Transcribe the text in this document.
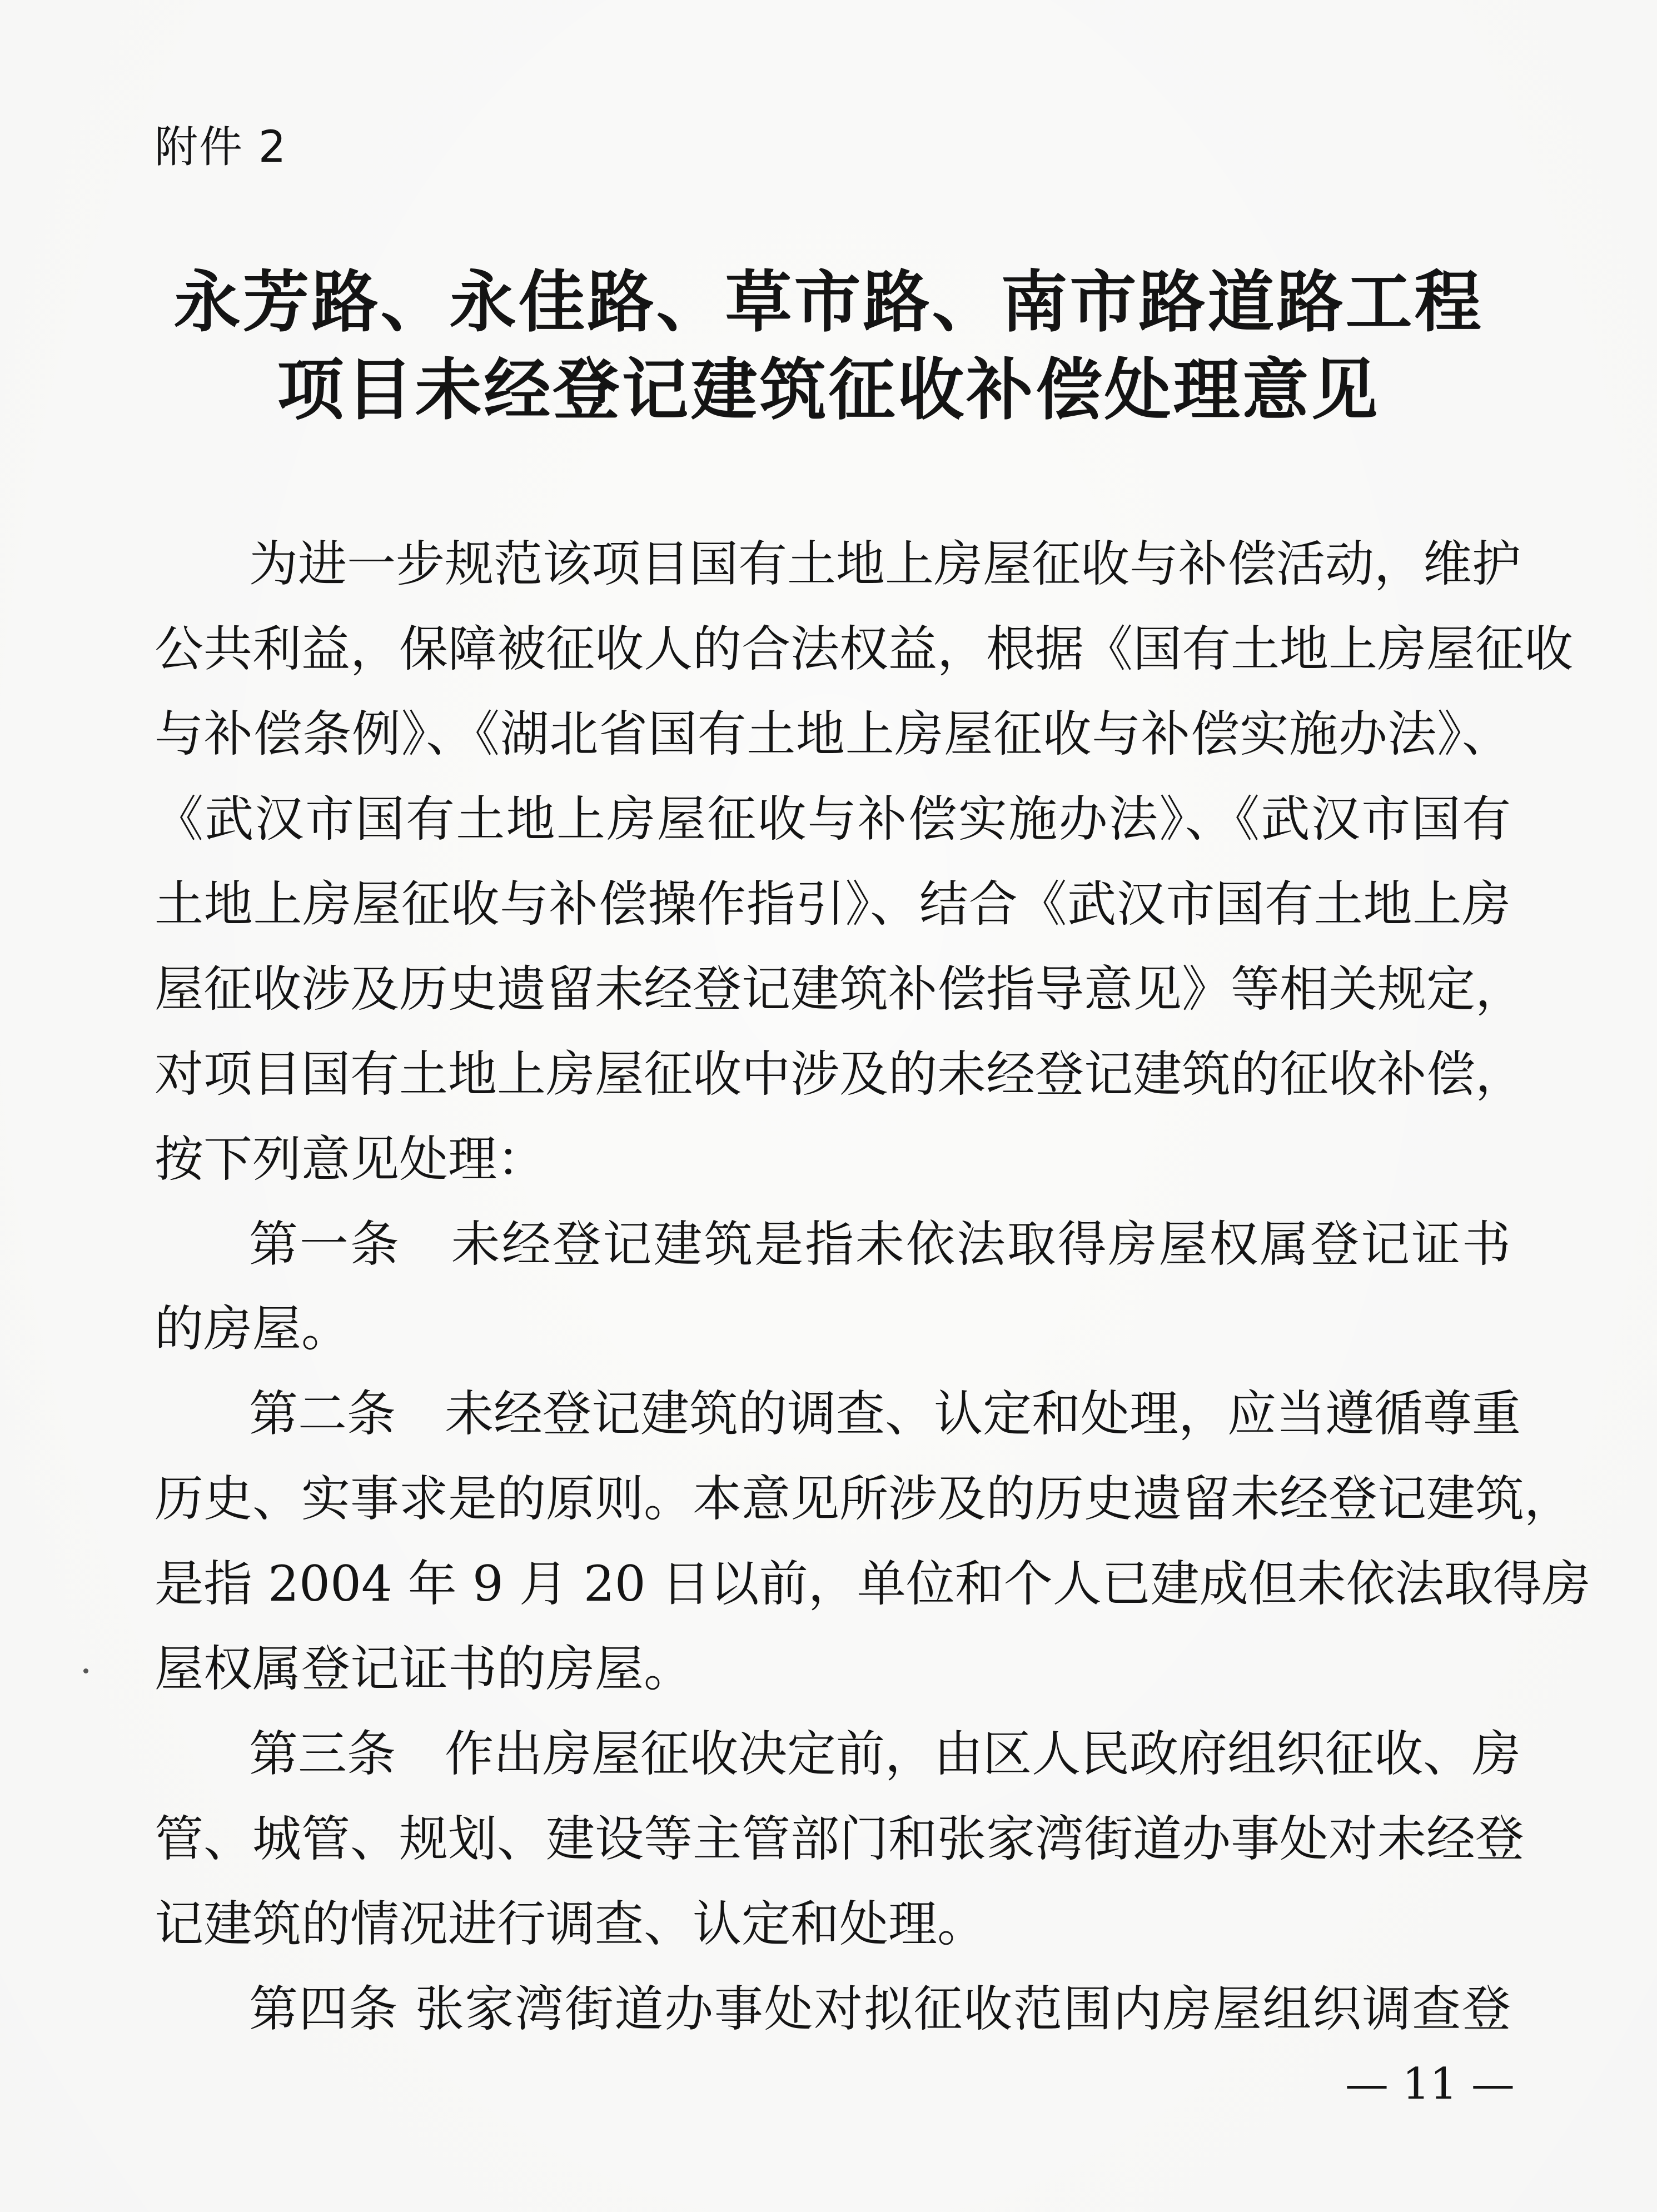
附件 2
永芳路、永佳路、草市路、南市路道路工程
项目未经登记建筑征收补偿处理意见
为进一步规范该项目国有土地上房屋征收与补偿活动，维护
公共利益，保障被征收人的合法权益，根据《国有土地上房屋征收
与补偿条例》、《湖北省国有土地上房屋征收与补偿实施办法》、
《武汉市国有土地上房屋征收与补偿实施办法》、《武汉市国有
土地上房屋征收与补偿操作指引》、结合《武汉市国有土地上房
屋征收涉及历史遗留未经登记建筑补偿指导意见》等相关规定，
对项目国有土地上房屋征收中涉及的未经登记建筑的征收补偿，
按下列意见处理：
第一条　未经登记建筑是指未依法取得房屋权属登记证书
的房屋。
第二条　未经登记建筑的调查、认定和处理，应当遵循尊重
历史、实事求是的原则。本意见所涉及的历史遗留未经登记建筑，
是指 2004 年 9 月 20 日以前，单位和个人已建成但未依法取得房
屋权属登记证书的房屋。
第三条　作出房屋征收决定前，由区人民政府组织征收、房
管、城管、规划、建设等主管部门和张家湾街道办事处对未经登
记建筑的情况进行调查、认定和处理。
第四条 张家湾街道办事处对拟征收范围内房屋组织调查登
— 11 —
